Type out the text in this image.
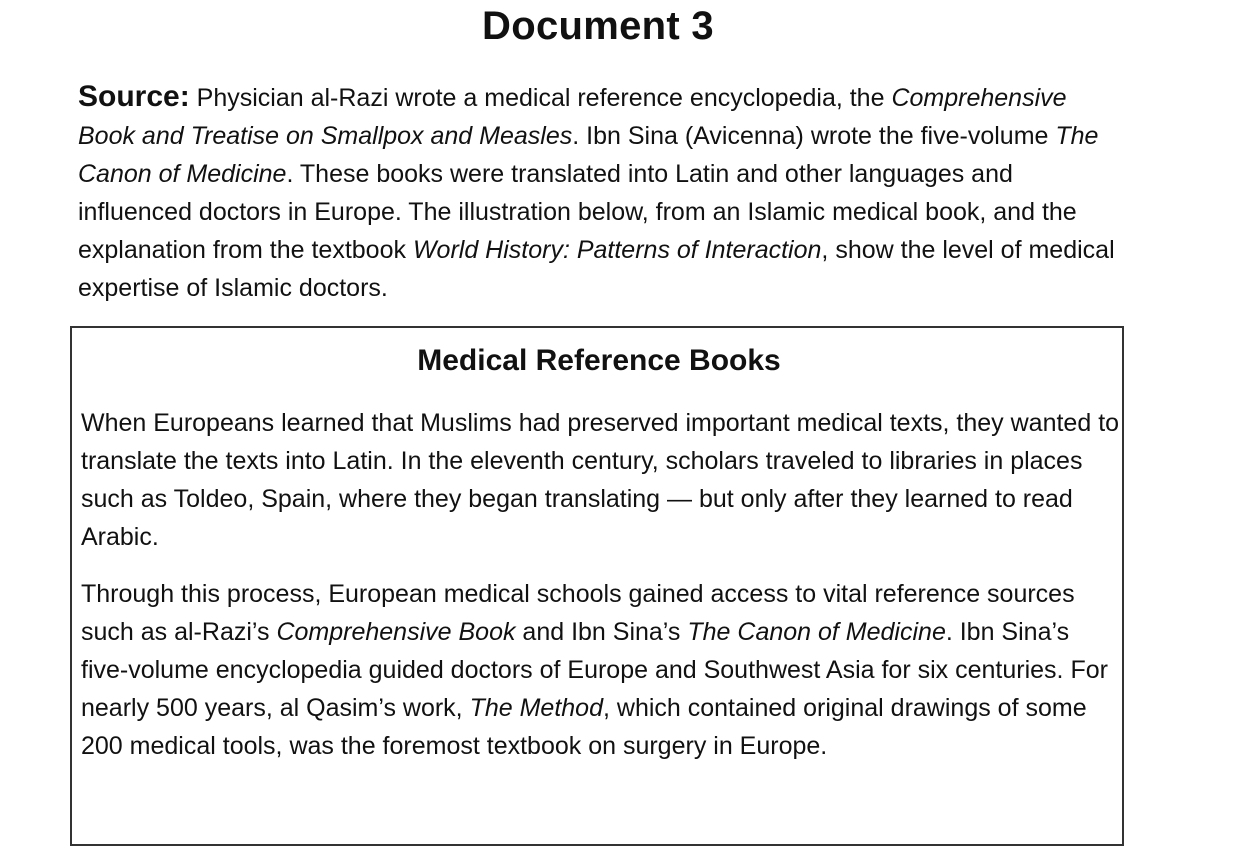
Document 3
Source: Physician al-Razi wrote a medical reference encyclopedia, the Comprehensive Book and Treatise on Smallpox and Measles. Ibn Sina (Avicenna) wrote the five-volume The Canon of Medicine. These books were translated into Latin and other languages and influenced doctors in Europe. The illustration below, from an Islamic medical book, and the explanation from the textbook World History: Patterns of Interaction, show the level of medical expertise of Islamic doctors.
Medical Reference Books

When Europeans learned that Muslims had preserved important medical texts, they wanted to translate the texts into Latin. In the eleventh century, scholars traveled to libraries in places such as Toldeo, Spain, where they began translating — but only after they learned to read Arabic.

Through this process, European medical schools gained access to vital reference sources such as al-Razi’s Comprehensive Book and Ibn Sina’s The Canon of Medicine. Ibn Sina’s five-volume encyclopedia guided doctors of Europe and Southwest Asia for six centuries. For nearly 500 years, al Qasim’s work, The Method, which contained original drawings of some 200 medical tools, was the foremost textbook on surgery in Europe.
